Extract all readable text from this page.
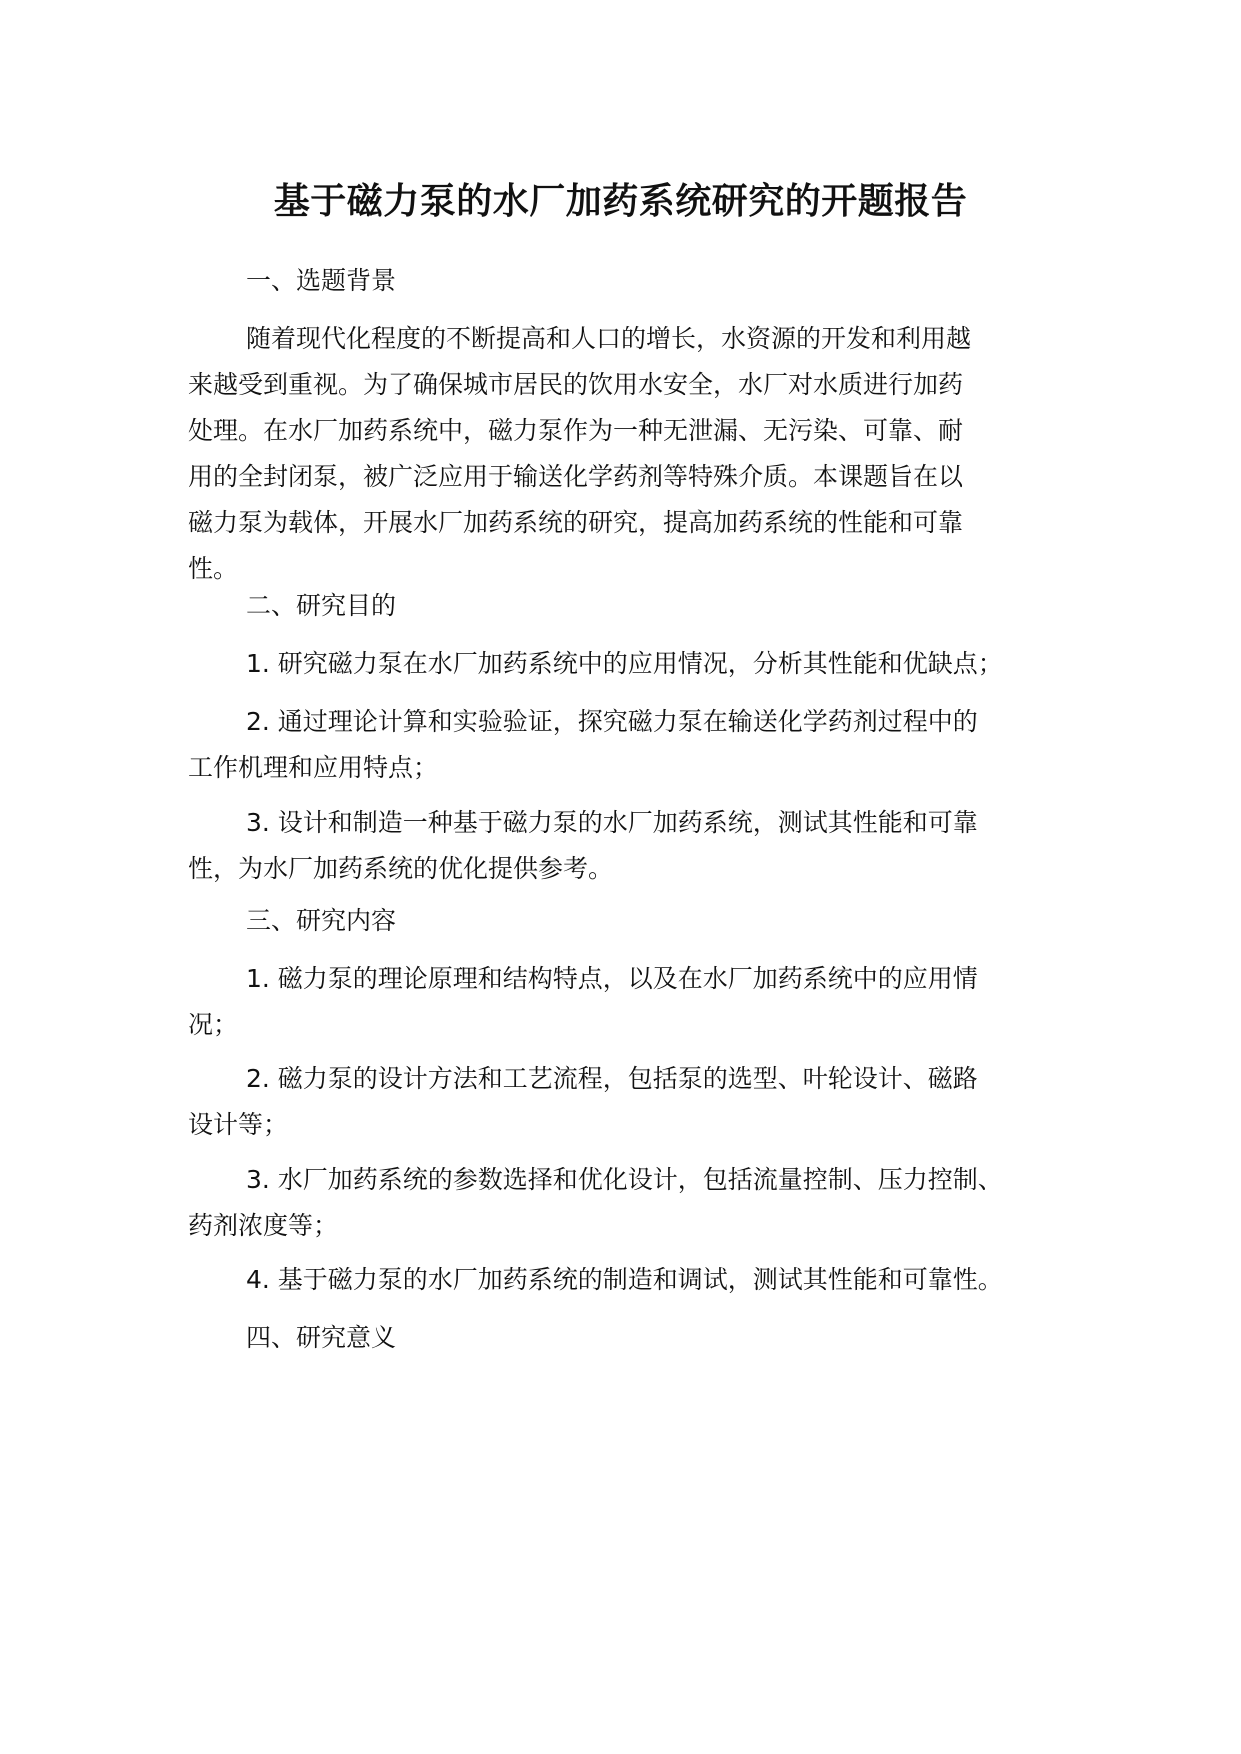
基于磁力泵的水厂加药系统研究的开题报告

一、选题背景

随着现代化程度的不断提高和人口的增长，水资源的开发和利用越
来越受到重视。为了确保城市居民的饮用水安全，水厂对水质进行加药
处理。在水厂加药系统中，磁力泵作为一种无泄漏、无污染、可靠、耐
用的全封闭泵，被广泛应用于输送化学药剂等特殊介质。本课题旨在以
磁力泵为载体，开展水厂加药系统的研究，提高加药系统的性能和可靠
性。

二、研究目的

1. 研究磁力泵在水厂加药系统中的应用情况，分析其性能和优缺点；
2. 通过理论计算和实验验证，探究磁力泵在输送化学药剂过程中的
工作机理和应用特点；
3. 设计和制造一种基于磁力泵的水厂加药系统，测试其性能和可靠
性，为水厂加药系统的优化提供参考。

三、研究内容

1. 磁力泵的理论原理和结构特点，以及在水厂加药系统中的应用情
况；
2. 磁力泵的设计方法和工艺流程，包括泵的选型、叶轮设计、磁路
设计等；
3. 水厂加药系统的参数选择和优化设计，包括流量控制、压力控制、
药剂浓度等；
4. 基于磁力泵的水厂加药系统的制造和调试，测试其性能和可靠性。

四、研究意义
